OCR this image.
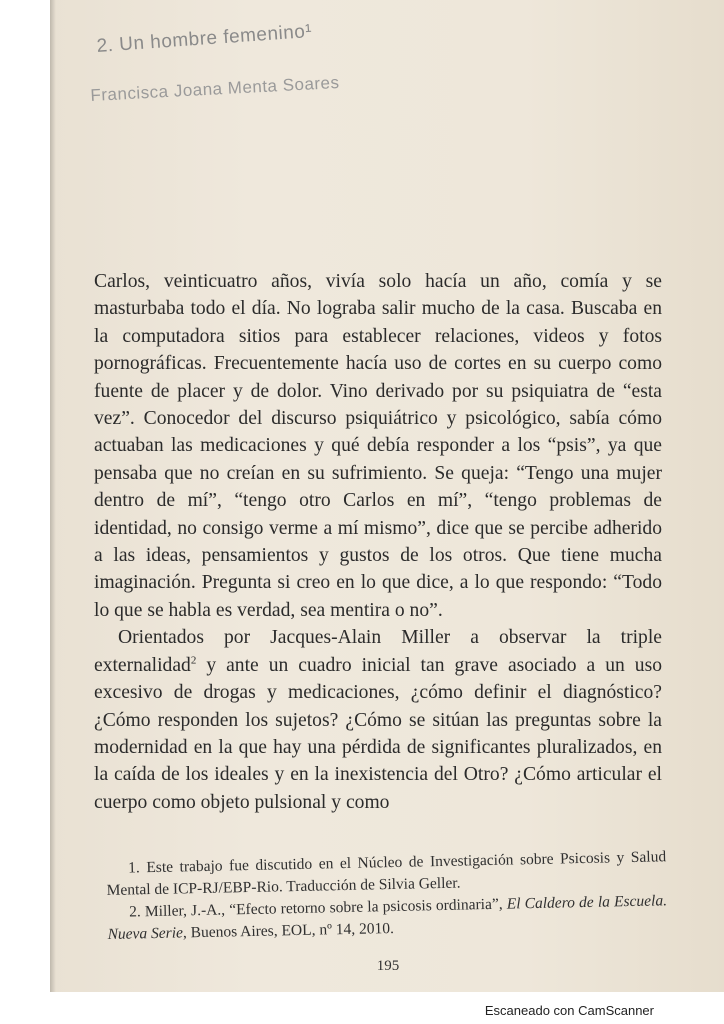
2. Un hombre femenino¹
Francisca Joana Menta Soares

Carlos, veinticuatro años, vivía solo hacía un año, comía y se masturbaba todo el día. No lograba salir mucho de la casa. Buscaba en la computadora sitios para establecer relaciones, videos y fotos pornográficas. Frecuentemente hacía uso de cortes en su cuerpo como fuente de placer y de dolor. Vino derivado por su psiquiatra de “esta vez”. Conocedor del discurso psiquiátrico y psicológico, sabía cómo actuaban las medicaciones y qué debía responder a los “psis”, ya que pensaba que no creían en su sufrimiento. Se queja: “Tengo una mujer dentro de mí”, “tengo otro Carlos en mí”, “tengo problemas de identidad, no consigo verme a mí mismo”, dice que se percibe adherido a las ideas, pensamientos y gustos de los otros. Que tiene mucha imaginación. Pregunta si creo en lo que dice, a lo que respondo: “Todo lo que se habla es verdad, sea mentira o no”.

Orientados por Jacques-Alain Miller a observar la triple externalidad$^2$ y ante un cuadro inicial tan grave asociado a un uso excesivo de drogas y medicaciones, ¿cómo definir el diagnóstico? ¿Cómo responden los sujetos? ¿Cómo se sitúan las preguntas sobre la modernidad en la que hay una pérdida de significantes pluralizados, en la caída de los ideales y en la inexistencia del Otro? ¿Cómo articular el cuerpo como objeto pulsional y como

1. Este trabajo fue discutido en el Núcleo de Investigación sobre Psicosis y Salud Mental de ICP-RJ/EBP-Rio. Traducción de Silvia Geller.

2. Miller, J.-A., “Efecto retorno sobre la psicosis ordinaria”, El Caldero de la Escuela. Nueva Serie, Buenos Aires, EOL, nº 14, 2010.

195
Escaneado con CamScanner
